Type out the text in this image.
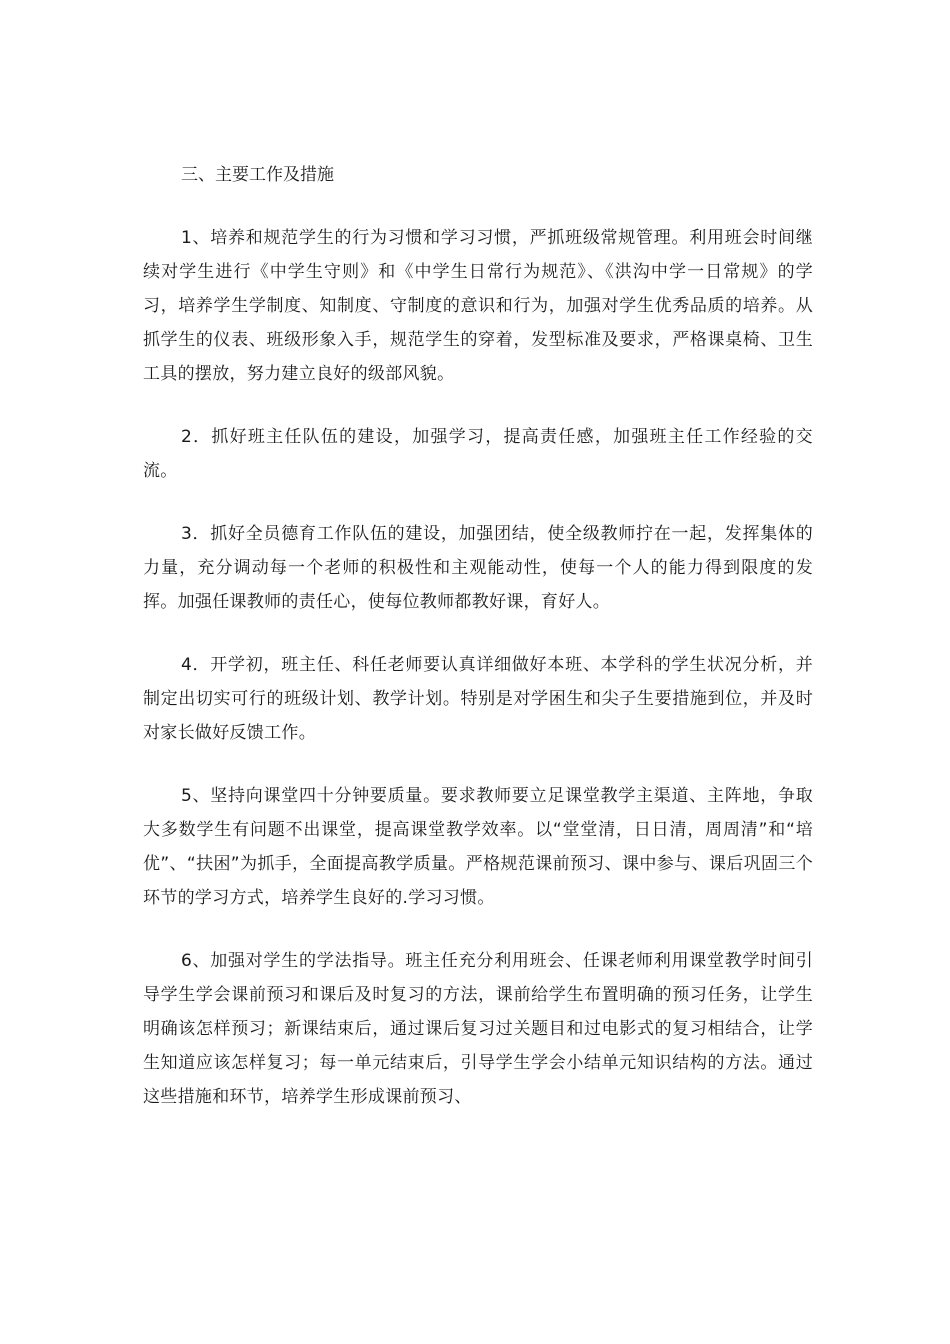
三、主要工作及措施

1、培养和规范学生的行为习惯和学习习惯，严抓班级常规管理。利用班会时间继续对学生进行《中学生守则》和《中学生日常行为规范》、《洪沟中学一日常规》的学习，培养学生学制度、知制度、守制度的意识和行为，加强对学生优秀品质的培养。从抓学生的仪表、班级形象入手，规范学生的穿着，发型标准及要求，严格课桌椅、卫生工具的摆放，努力建立良好的级部风貌。

2．抓好班主任队伍的建设，加强学习，提高责任感，加强班主任工作经验的交流。

3．抓好全员德育工作队伍的建设，加强团结，使全级教师拧在一起，发挥集体的力量，充分调动每一个老师的积极性和主观能动性，使每一个人的能力得到限度的发挥。加强任课教师的责任心，使每位教师都教好课，育好人。

4．开学初，班主任、科任老师要认真详细做好本班、本学科的学生状况分析，并制定出切实可行的班级计划、教学计划。特别是对学困生和尖子生要措施到位，并及时对家长做好反馈工作。

5、坚持向课堂四十分钟要质量。要求教师要立足课堂教学主渠道、主阵地，争取大多数学生有问题不出课堂，提高课堂教学效率。以“堂堂清，日日清，周周清”和“培优”、“扶困”为抓手，全面提高教学质量。严格规范课前预习、课中参与、课后巩固三个环节的学习方式，培养学生良好的.学习习惯。

6、加强对学生的学法指导。班主任充分利用班会、任课老师利用课堂教学时间引导学生学会课前预习和课后及时复习的方法，课前给学生布置明确的预习任务，让学生明确该怎样预习；新课结束后，通过课后复习过关题目和过电影式的复习相结合，让学生知道应该怎样复习；每一单元结束后，引导学生学会小结单元知识结构的方法。通过这些措施和环节，培养学生形成课前预习、
